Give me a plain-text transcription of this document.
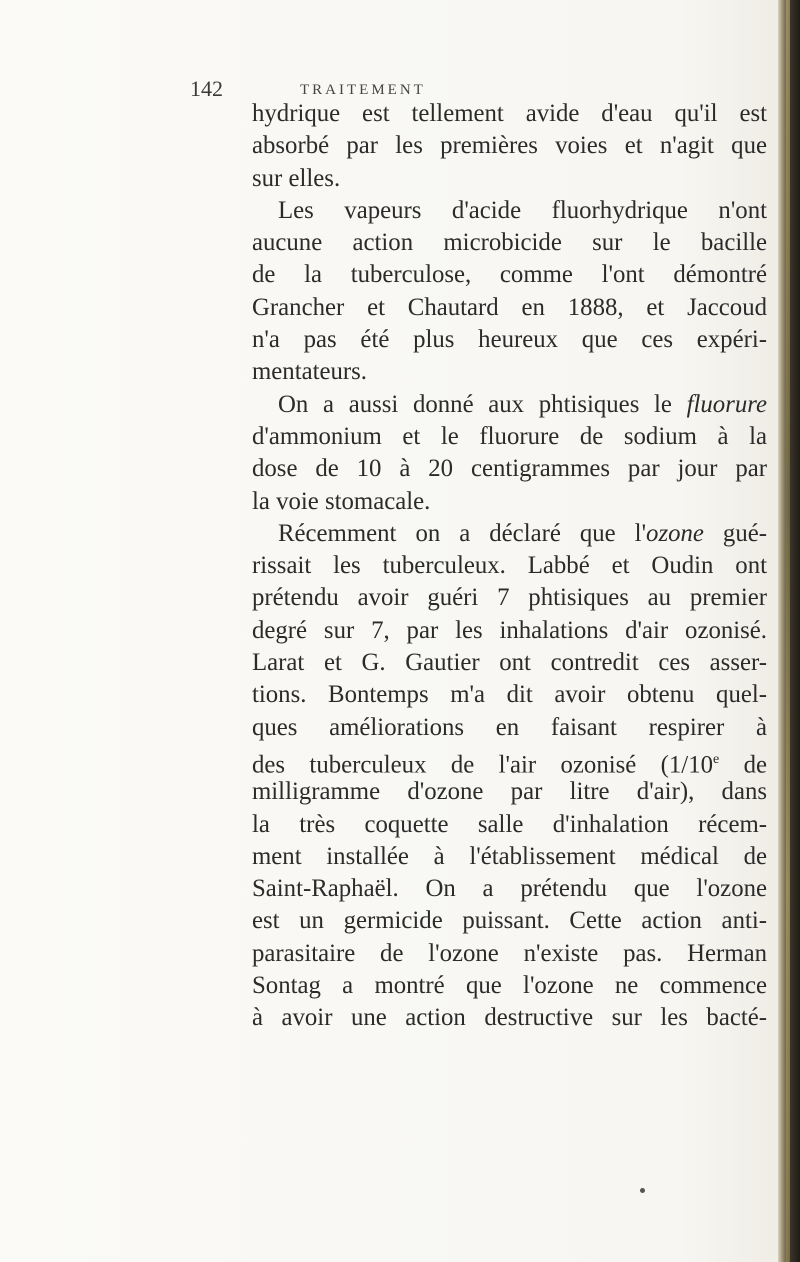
142	TRAITEMENT
hydrique est tellement avide d'eau qu'il est
absorbé par les premières voies et n'agit que
sur elles.
Les vapeurs d'acide fluorhydrique n'ont
aucune action microbicide sur le bacille
de la tuberculose, comme l'ont démontré
Grancher et Chautard en 1888, et Jaccoud
n'a pas été plus heureux que ces expéri-
mentateurs.
On a aussi donné aux phtisiques le fluorure
d'ammonium et le fluorure de sodium à la
dose de 10 à 20 centigrammes par jour par
la voie stomacale.
Récemment on a déclaré que l'ozone gué-
rissait les tuberculeux. Labbé et Oudin ont
prétendu avoir guéri 7 phtisiques au premier
degré sur 7, par les inhalations d'air ozonisé.
Larat et G. Gautier ont contredit ces asser-
tions. Bontemps m'a dit avoir obtenu quel-
ques améliorations en faisant respirer à
des tuberculeux de l'air ozonisé (1/10e de
milligramme d'ozone par litre d'air), dans
la très coquette salle d'inhalation récem-
ment installée à l'établissement médical de
Saint-Raphaël. On a prétendu que l'ozone
est un germicide puissant. Cette action anti-
parasitaire de l'ozone n'existe pas. Herman
Sontag a montré que l'ozone ne commence
à avoir une action destructive sur les bacté-
